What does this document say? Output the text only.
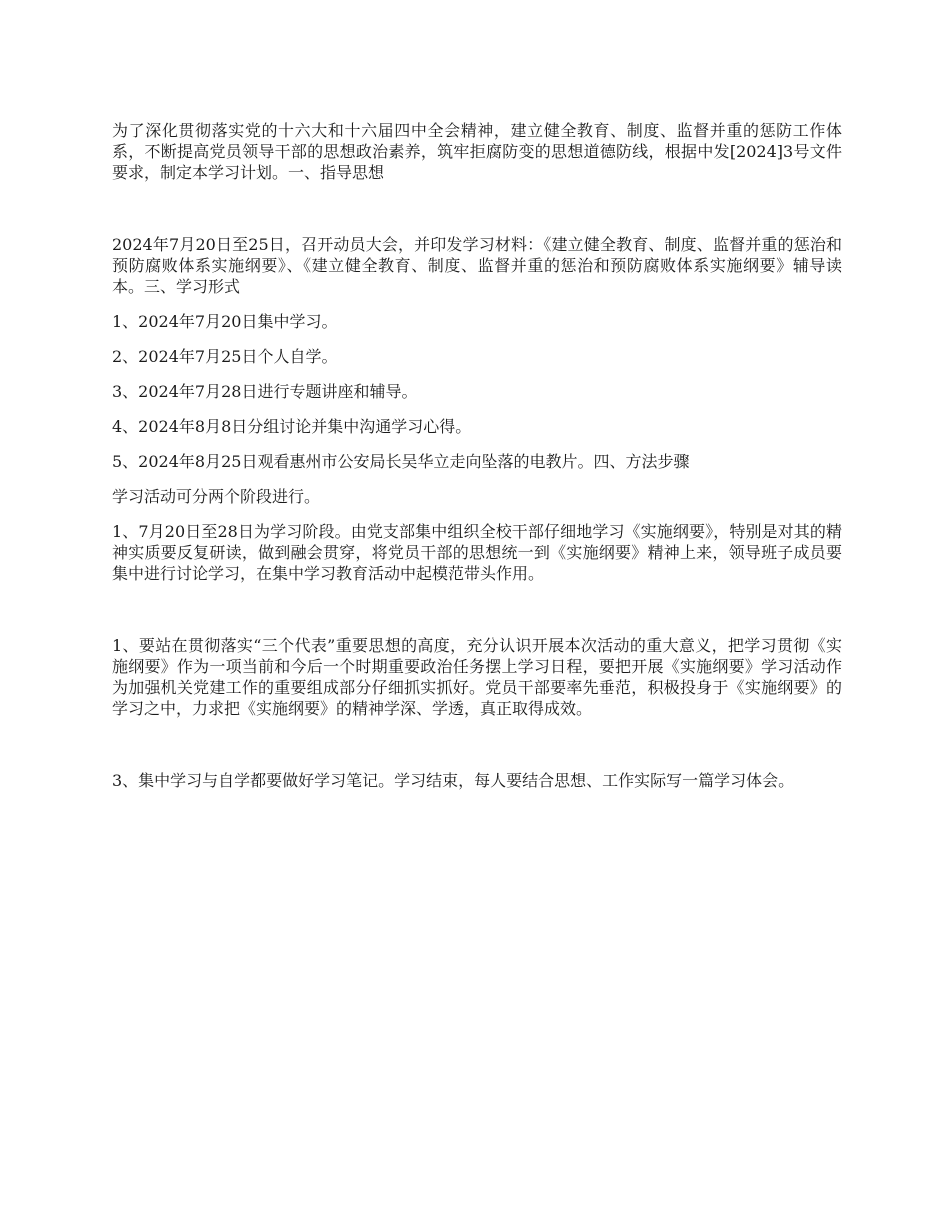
为了深化贯彻落实党的十六大和十六届四中全会精神，建立健全教育、制度、监督并重的惩防工作体系，不断提高党员领导干部的思想政治素养，筑牢拒腐防变的思想道德防线，根据中发[2024]3号文件要求，制定本学习计划。一、指导思想

2024年7月20日至25日，召开动员大会，并印发学习材料：《建立健全教育、制度、监督并重的惩治和预防腐败体系实施纲要》、《建立健全教育、制度、监督并重的惩治和预防腐败体系实施纲要》辅导读本。三、学习形式

1、2024年7月20日集中学习。

2、2024年7月25日个人自学。

3、2024年7月28日进行专题讲座和辅导。

4、2024年8月8日分组讨论并集中沟通学习心得。

5、2024年8月25日观看惠州市公安局长吴华立走向坠落的电教片。四、方法步骤

学习活动可分两个阶段进行。

1、7月20日至28日为学习阶段。由党支部集中组织全校干部仔细地学习《实施纲要》，特别是对其的精神实质要反复研读，做到融会贯穿，将党员干部的思想统一到《实施纲要》精神上来，领导班子成员要集中进行讨论学习，在集中学习教育活动中起模范带头作用。

1、要站在贯彻落实“三个代表”重要思想的高度，充分认识开展本次活动的重大意义，把学习贯彻《实施纲要》作为一项当前和今后一个时期重要政治任务摆上学习日程，要把开展《实施纲要》学习活动作为加强机关党建工作的重要组成部分仔细抓实抓好。党员干部要率先垂范，积极投身于《实施纲要》的学习之中，力求把《实施纲要》的精神学深、学透，真正取得成效。

3、集中学习与自学都要做好学习笔记。学习结束，每人要结合思想、工作实际写一篇学习体会。
